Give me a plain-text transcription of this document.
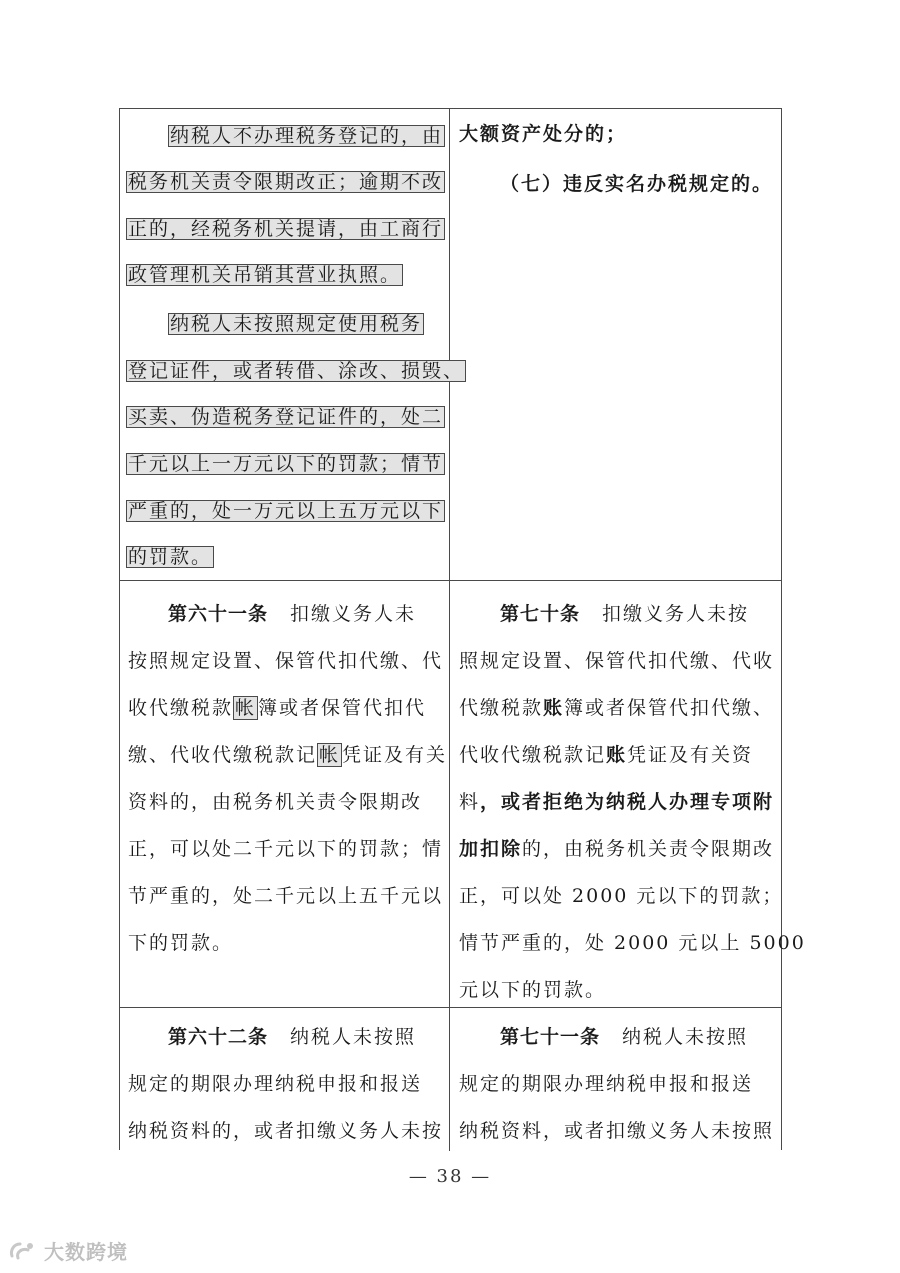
纳税人不办理税务登记的，由
税务机关责令限期改正；逾期不改
正的，经税务机关提请，由工商行
政管理机关吊销其营业执照。
纳税人未按照规定使用税务
登记证件，或者转借、涂改、损毁、
买卖、伪造税务登记证件的，处二
千元以上一万元以下的罚款；情节
严重的，处一万元以上五万元以下
的罚款。
大额资产处分的；
（七）违反实名办税规定的。
第六十一条 扣缴义务人未
按照规定设置、保管代扣代缴、代
收代缴税款 帐 簿或者保管代扣代
缴、代收代缴税款记 帐 凭证及有关
资料的，由税务机关责令限期改
正，可以处二千元以下的罚款；情
节严重的，处二千元以上五千元以
下的罚款。
第七十条 扣缴义务人未按
照规定设置、保管代扣代缴、代收
代缴税款账簿或者保管代扣代缴、
代收代缴税款记账凭证及有关资
料，或者拒绝为纳税人办理专项附
加扣除的，由税务机关责令限期改
正，可以处 2000 元以下的罚款；
情节严重的，处 2000 元以上 5000
元以下的罚款。
第六十二条 纳税人未按照
规定的期限办理纳税申报和报送
纳税资料的，或者扣缴义务人未按
第七十一条 纳税人未按照
规定的期限办理纳税申报和报送
纳税资料，或者扣缴义务人未按照
— 38 —
大数跨境
